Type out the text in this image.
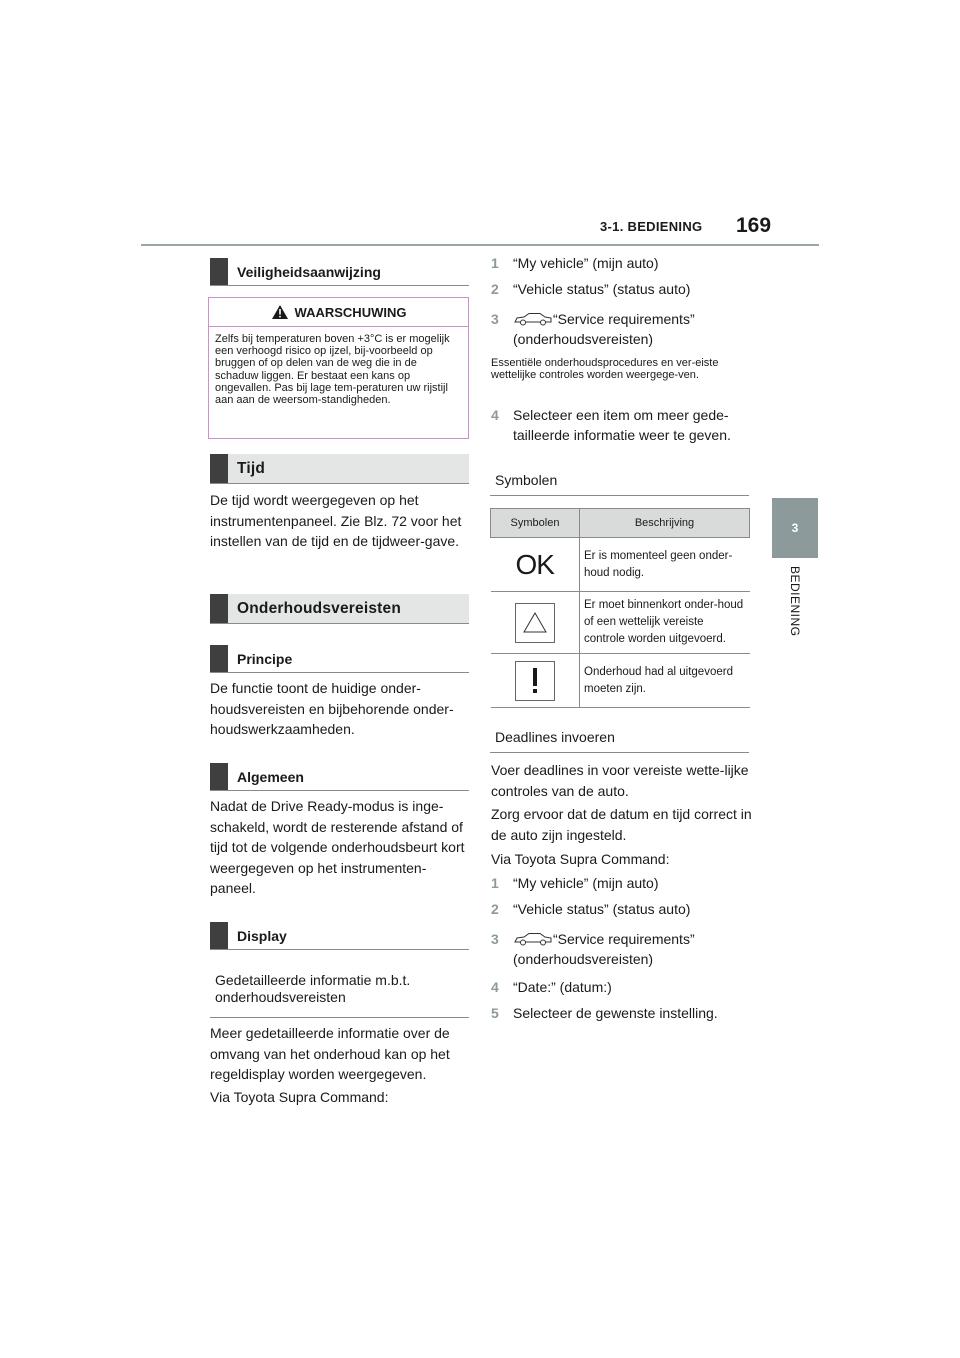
3-1. BEDIENING 169
3
BEDIENING
Veiligheidsaanwijzing
WAARSCHUWING
Zelfs bij temperaturen boven +3°C is er mogelijk een verhoogd risico op ijzel, bij-voorbeeld op bruggen of op delen van de weg die in de schaduw liggen. Er bestaat een kans op ongevallen. Pas bij lage tem-peraturen uw rijstijl aan aan de weersom-standigheden.
Tijd
De tijd wordt weergegeven op het instrumentenpaneel. Zie Blz. 72 voor het instellen van de tijd en de tijdweer-gave.
Onderhoudsvereisten
Principe
De functie toont de huidige onder-houdsvereisten en bijbehorende onder-houdswerkzaamheden.
Algemeen
Nadat de Drive Ready-modus is inge-schakeld, wordt de resterende afstand of tijd tot de volgende onderhoudsbeurt kort weergegeven op het instrumenten-paneel.
Display
Gedetailleerde informatie m.b.t. onderhoudsvereisten
Meer gedetailleerde informatie over de omvang van het onderhoud kan op het regeldisplay worden weergegeven.
Via Toyota Supra Command:
1	“My vehicle” (mijn auto)
2	“Vehicle status” (status auto)
3	“Service requirements” (onderhoudsvereisten)
Essentiële onderhoudsprocedures en ver-eiste wettelijke controles worden weergege-ven.
4	Selecteer een item om meer gede-tailleerde informatie weer te geven.
Symbolen
Symbolen	Beschrijving
OK	Er is momenteel geen onder-houd nodig.
	Er moet binnenkort onder-houd of een wettelijk vereiste controle worden uitgevoerd.
	Onderhoud had al uitgevoerd moeten zijn.
Deadlines invoeren
Voer deadlines in voor vereiste wette-lijke controles van de auto.
Zorg ervoor dat de datum en tijd correct in de auto zijn ingesteld.
Via Toyota Supra Command:
1	“My vehicle” (mijn auto)
2	“Vehicle status” (status auto)
3	“Service requirements” (onderhoudsvereisten)
4	“Date:” (datum:)
5	Selecteer de gewenste instelling.
